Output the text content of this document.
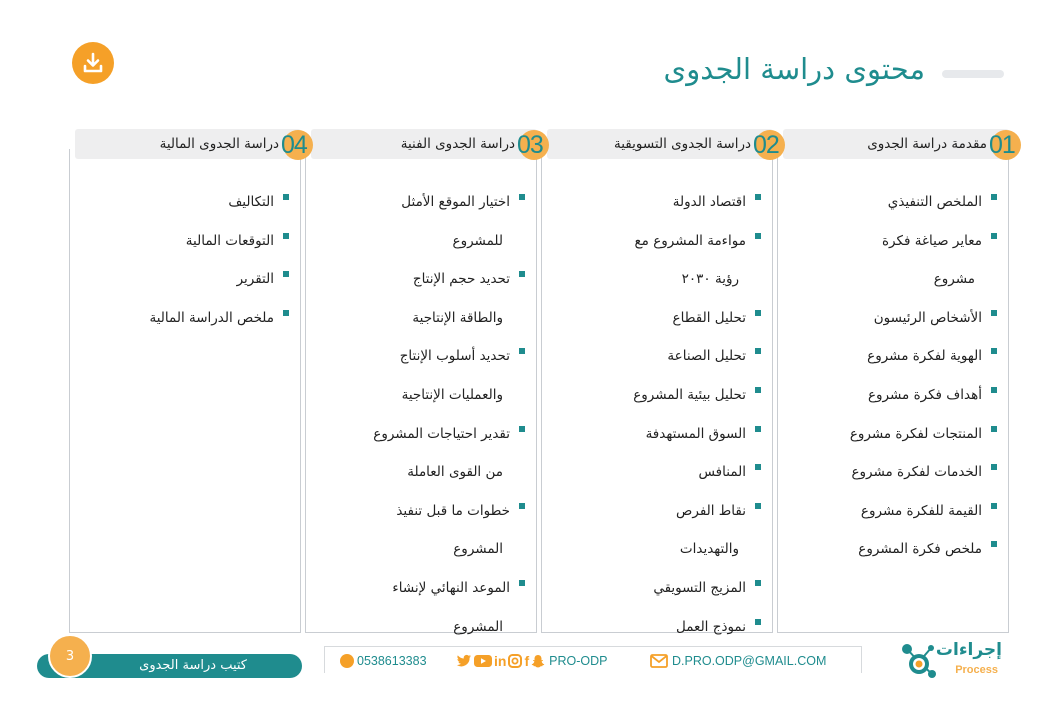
محتوى دراسة الجدوى
مقدمة دراسة الجدوى 01
الملخص التنفيذي
معاير صياغة فكرة
مشروع
الأشخاص الرئيسون
الهوية لفكرة مشروع
أهداف فكرة مشروع
المنتجات لفكرة مشروع
الخدمات لفكرة مشروع
القيمة للفكرة مشروع
ملخص فكرة المشروع
دراسة الجدوى التسويقية 02
اقتصاد الدولة
مواءمة المشروع مع
رؤية ٢٠٣٠
تحليل القطاع
تحليل الصناعة
تحليل بيئية المشروع
السوق المستهدفة
المنافس
نقاط الفرص
والتهديدات
المزيج التسويقي
نموذج العمل
دراسة الجدوى الفنية 03
اختيار الموقع الأمثل
للمشروع
تحديد حجم الإنتاج
والطاقة الإنتاجية
تحديد أسلوب الإنتاج
والعمليات الإنتاجية
تقدير احتياجات المشروع
من القوى العاملة
خطوات ما قبل تنفيذ
المشروع
الموعد النهائي لإنشاء
المشروع
دراسة الجدوى المالية 04
التكاليف
التوقعات المالية
التقرير
ملخص الدراسة المالية
كتيب دراسة الجدوى
3	0538613383	in f PRO-ODP	D.PRO.ODP@GMAIL.COM
إجراءات
Process
